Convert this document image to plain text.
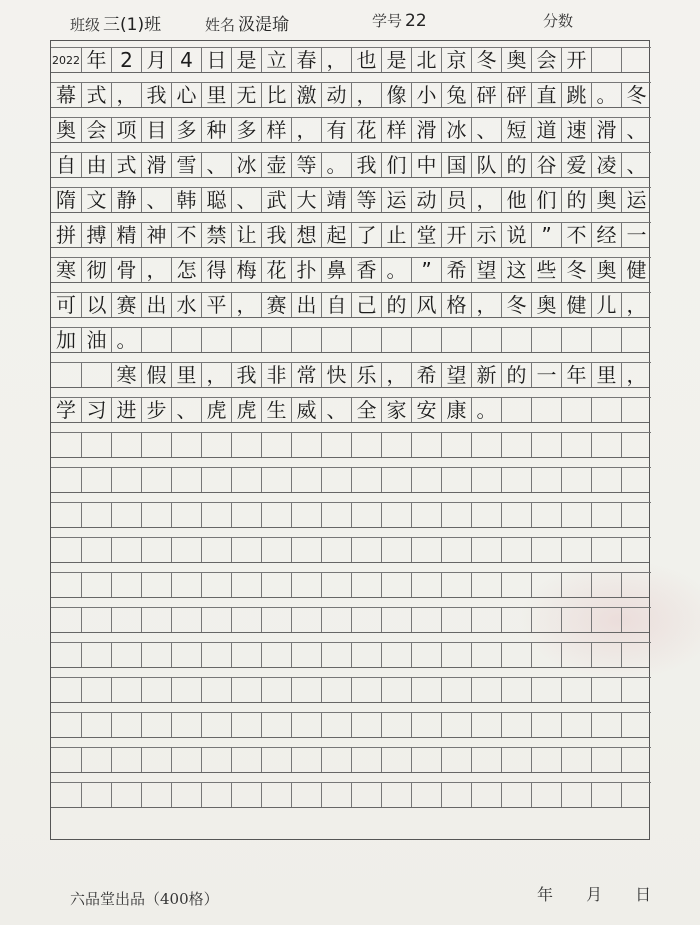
班级 三(1)班	姓名 汲湜瑜	学号 22	分数
2022 年 2 月 4 日 是 立 春 ， 也 是 北 京 冬 奥 会 开
幕 式 ， 我 心 里 无 比 激 动 ， 像 小 兔 砰 砰 直 跳 。 冬
奥 会 项 目 多 种 多 样 ， 有 花 样 滑 冰 、 短 道 速 滑 、
自 由 式 滑 雪 、 冰 壶 等 。 我 们 中 国 队 的 谷 爱 凌 、
隋 文 静 、 韩 聪 、 武 大 靖 等 运 动 员 ， 他 们 的 奥 运
拼 搏 精 神 不 禁 让 我 想 起 了 止 堂 开 示 说 ” 不 经 一
寒 彻 骨 ， 怎 得 梅 花 扑 鼻 香 。 ” 希 望 这 些 冬 奥 健
可 以 赛 出 水 平 ， 赛 出 自 己 的 风 格 ， 冬 奥 健 儿 ，
加 油 。
寒 假 里 ， 我 非 常 快 乐 ， 希 望 新 的 一 年 里 ，
学 习 进 步 、 虎 虎 生 威 、 全 家 安 康 。
六品堂出品（400格）	年 月 日
